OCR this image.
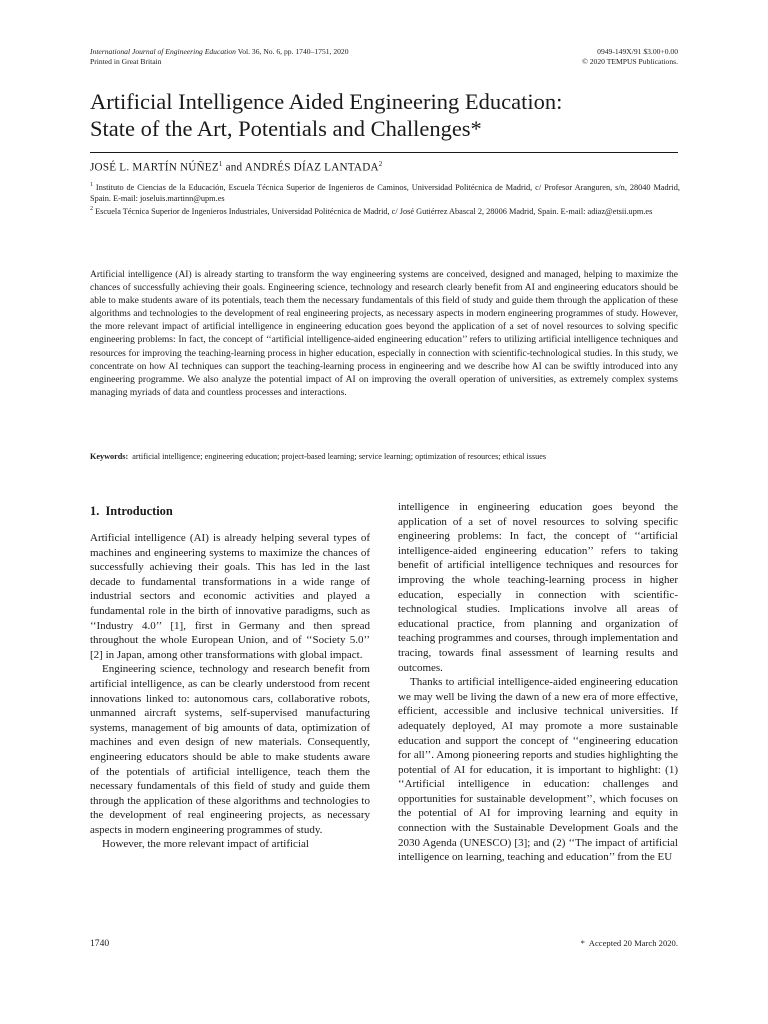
International Journal of Engineering Education Vol. 36, No. 6, pp. 1740–1751, 2020
Printed in Great Britain
0949-149X/91 $3.00+0.00
© 2020 TEMPUS Publications.
Artificial Intelligence Aided Engineering Education:
State of the Art, Potentials and Challenges*
JOSÉ L. MARTÍN NÚÑEZ$^1$ and ANDRÉS DÍAZ LANTADA$^2$

$^1$ Instituto de Ciencias de la Educación, Escuela Técnica Superior de Ingenieros de Caminos, Universidad Politécnica de Madrid, c/ Profesor Aranguren, s/n, 28040 Madrid, Spain. E-mail: joseluis.martinn@upm.es

$^2$ Escuela Técnica Superior de Ingenieros Industriales, Universidad Politécnica de Madrid, c/ José Gutiérrez Abascal 2, 28006 Madrid, Spain. E-mail: adiaz@etsii.upm.es

Artificial intelligence (AI) is already starting to transform the way engineering systems are conceived, designed and managed, helping to maximize the chances of successfully achieving their goals. Engineering science, technology and research clearly benefit from AI and engineering educators should be able to make students aware of its potentials, teach them the necessary fundamentals of this field of study and guide them through the application of these algorithms and technologies to the development of real engineering projects, as necessary aspects in modern engineering programmes of study. However, the more relevant impact of artificial intelligence in engineering education goes beyond the application of a set of novel resources to solving specific engineering problems: In fact, the concept of ‘‘artificial intelligence-aided engineering education’’ refers to utilizing artificial intelligence techniques and resources for improving the teaching-learning process in higher education, especially in connection with scientific-technological studies. In this study, we concentrate on how AI techniques can support the teaching-learning process in engineering and we describe how AI can be swiftly introduced into any engineering programme. We also analyze the potential impact of AI on improving the overall operation of universities, as extremely complex systems managing myriads of data and countless processes and interactions.

Keywords:  artificial intelligence; engineering education; project-based learning; service learning; optimization of resources; ethical issues

1.  Introduction

Artificial intelligence (AI) is already helping several types of machines and engineering systems to maximize the chances of successfully achieving their goals. This has led in the last decade to fundamental transformations in a wide range of industrial sectors and economic activities and played a fundamental role in the birth of innovative paradigms, such as ‘‘Industry 4.0’’ [1], first in Germany and then spread throughout the whole European Union, and of ‘‘Society 5.0’’ [2] in Japan, among other transformations with global impact.

Engineering science, technology and research benefit from artificial intelligence, as can be clearly understood from recent innovations linked to: autonomous cars, collaborative robots, unmanned aircraft systems, self-supervised manufacturing systems, management of big amounts of data, optimization of machines and even design of new materials. Consequently, engineering educators should be able to make students aware of the potentials of artificial intelligence, teach them the necessary fundamentals of this field of study and guide them through the application of these algorithms and technologies to the development of real engineering projects, as necessary aspects in modern engineering programmes of study.

However, the more relevant impact of artificial

intelligence in engineering education goes beyond the application of a set of novel resources to solving specific engineering problems: In fact, the concept of ‘‘artificial intelligence-aided engineering education’’ refers to taking benefit of artificial intelligence techniques and resources for improving the whole teaching-learning process in higher education, especially in connection with scientific-technological studies. Implications involve all areas of educational practice, from planning and organization of teaching programmes and courses, through implementation and tracing, towards final assessment of learning results and outcomes.

Thanks to artificial intelligence-aided engineering education we may well be living the dawn of a new era of more effective, efficient, accessible and inclusive technical universities. If adequately deployed, AI may promote a more sustainable education and support the concept of ‘‘engineering education for all’’. Among pioneering reports and studies highlighting the potential of AI for education, it is important to highlight: (1) ‘‘Artificial intelligence in education: challenges and opportunities for sustainable development’’, which focuses on the potential of AI for improving learning and equity in connection with the Sustainable Development Goals and the 2030 Agenda (UNESCO) [3]; and (2) ‘‘The impact of artificial intelligence on learning, teaching and education’’ from the EU

1740	*  Accepted 20 March 2020.
